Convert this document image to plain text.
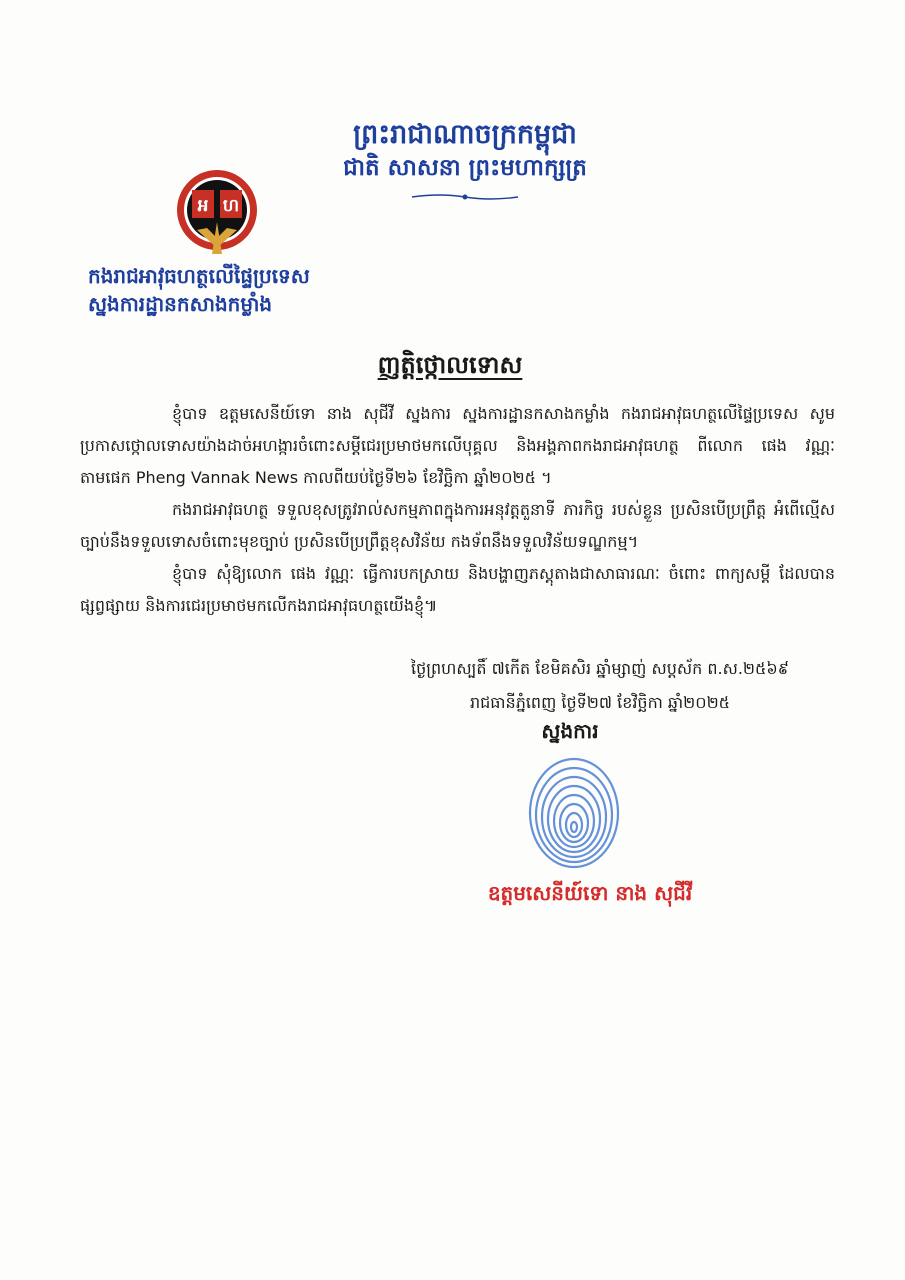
ព្រះរាជាណាចក្រកម្ពុជា
ជាតិ សាសនា ព្រះមហាក្សត្រ
អ ហ
កងរាជអាវុធហត្ថលើផ្ទៃប្រទេស
ស្នងការដ្ឋានកសាងកម្លាំង
ញត្តិថ្កោលទោស

ខ្ញុំបាទ ឧត្តមសេនីយ៍ទោ នាង សុជីវី ស្នងការ ស្នងការដ្ឋានកសាងកម្លាំង កងរាជអាវុធហត្ថលើផ្ទៃប្រទេស សូមប្រកាសថ្កោលទោសយ៉ាងដាច់អហង្ការចំពោះសម្តីជេរប្រមាថមកលើបុគ្គល និងអង្គភាពកងរាជអាវុធហត្ថ ពីលោក ផេង វណ្ណៈ តាមផេក Pheng Vannak News កាលពីយប់ថ្ងៃទី២៦ ខែវិច្ឆិកា ឆ្នាំ២០២៥ ។

កងរាជអាវុធហត្ថ ទទួលខុសត្រូវរាល់សកម្មភាពក្នុងការអនុវត្តតួនាទី ភារកិច្ច របស់ខ្លួន ប្រសិនបើប្រព្រឹត្ត អំពើល្មើសច្បាប់នឹងទទួលទោសចំពោះមុខច្បាប់ ប្រសិនបើប្រព្រឹត្តខុសវិន័យ កងទ័ពនឹងទទួលវិន័យទណ្ឌកម្ម។

ខ្ញុំបាទ សុំឱ្យលោក ផេង វណ្ណៈ ធ្វើការបកស្រាយ និងបង្ហាញភស្តុតាងជាសាធារណៈ ចំពោះ ពាក្យសម្តី ដែលបានផ្សព្វផ្សាយ និងការជេរប្រមាថមកលើកងរាជអាវុធហត្ថយើងខ្ញុំ៕

ថ្ងៃព្រហស្បតិ៍ ៧កើត ខែមិគសិរ ឆ្នាំម្សាញ់ សប្តស័ក ព.ស.២៥៦៩
រាជធានីភ្នំពេញ ថ្ងៃទី២៧ ខែវិច្ឆិកា ឆ្នាំ២០២៥
ស្នងការ
ឧត្តមសេនីយ៍ទោ នាង សុជីវី
